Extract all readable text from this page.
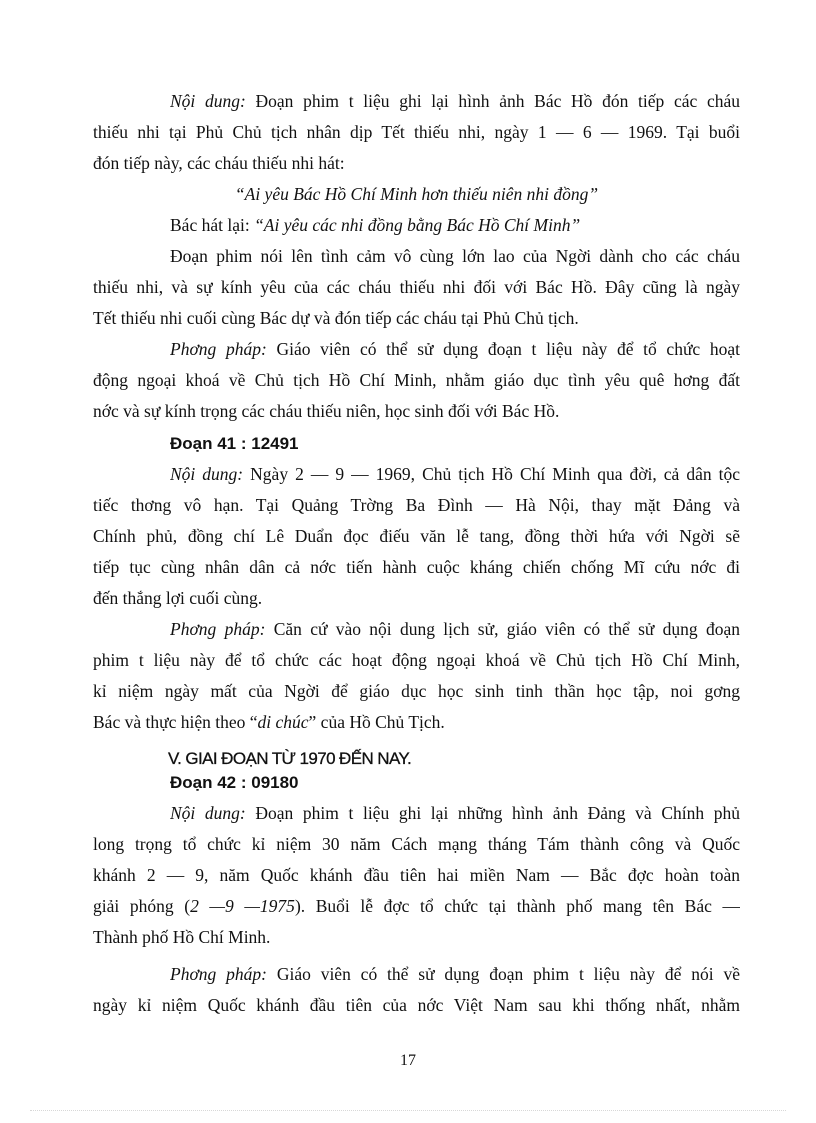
Nội dung: Đoạn phim t liệu ghi lại hình ảnh Bác Hồ đón tiếp các cháu
thiếu nhi tại Phủ Chủ tịch nhân dịp Tết thiếu nhi, ngày 1 — 6 — 1969. Tại buổi
đón tiếp này, các cháu thiếu nhi hát:
“Ai yêu Bác Hồ Chí Minh hơn thiếu niên nhi đồng”
Bác hát lại: “Ai yêu các nhi đồng bằng Bác Hồ Chí Minh”
Đoạn phim nói lên tình cảm vô cùng lớn lao của Ngời dành cho các cháu
thiếu nhi, và sự kính yêu của các cháu thiếu nhi đối với Bác Hồ. Đây cũng là ngày
Tết thiếu nhi cuối cùng Bác dự và đón tiếp các cháu tại Phủ Chủ tịch.
Phơng pháp: Giáo viên có thể sử dụng đoạn t liệu này để tổ chức hoạt
động ngoại khoá về Chủ tịch Hồ Chí Minh, nhằm giáo dục tình yêu quê hơng đất
nớc và sự kính trọng các cháu thiếu niên, học sinh đối với Bác Hồ.
Đoạn 41 : 12491
Nội dung: Ngày 2 — 9 — 1969, Chủ tịch Hồ Chí Minh qua đời, cả dân tộc
tiếc thơng vô hạn. Tại Quảng Trờng Ba Đình — Hà Nội, thay mặt Đảng và
Chính phủ, đồng chí Lê Duẩn đọc điếu văn lễ tang, đồng thời hứa với Ngời sẽ
tiếp tục cùng nhân dân cả nớc tiến hành cuộc kháng chiến chống Mĩ cứu nớc đi
đến thắng lợi cuối cùng.
Phơng pháp: Căn cứ vào nội dung lịch sử, giáo viên có thể sử dụng đoạn
phim t liệu này để tổ chức các hoạt động ngoại khoá về Chủ tịch Hồ Chí Minh,
kỉ niệm ngày mất của Ngời để giáo dục học sinh tinh thần học tập, noi gơng
Bác và thực hiện theo “di chúc” của Hồ Chủ Tịch.
V. GIAI ĐOẠN TỪ 1970 ĐẾN NAY.
Đoạn 42 : 09180
Nội dung: Đoạn phim t liệu ghi lại những hình ảnh Đảng và Chính phủ
long trọng tổ chức kỉ niệm 30 năm Cách mạng tháng Tám thành công và Quốc
khánh 2 — 9, năm Quốc khánh đầu tiên hai miền Nam — Bắc đợc hoàn toàn
giải phóng (2 —9 —1975). Buổi lễ đợc tổ chức tại thành phố mang tên Bác —
Thành phố Hồ Chí Minh.
Phơng pháp: Giáo viên có thể sử dụng đoạn phim t liệu này để nói về
ngày kỉ niệm Quốc khánh đầu tiên của nớc Việt Nam sau khi thống nhất, nhằm
17
